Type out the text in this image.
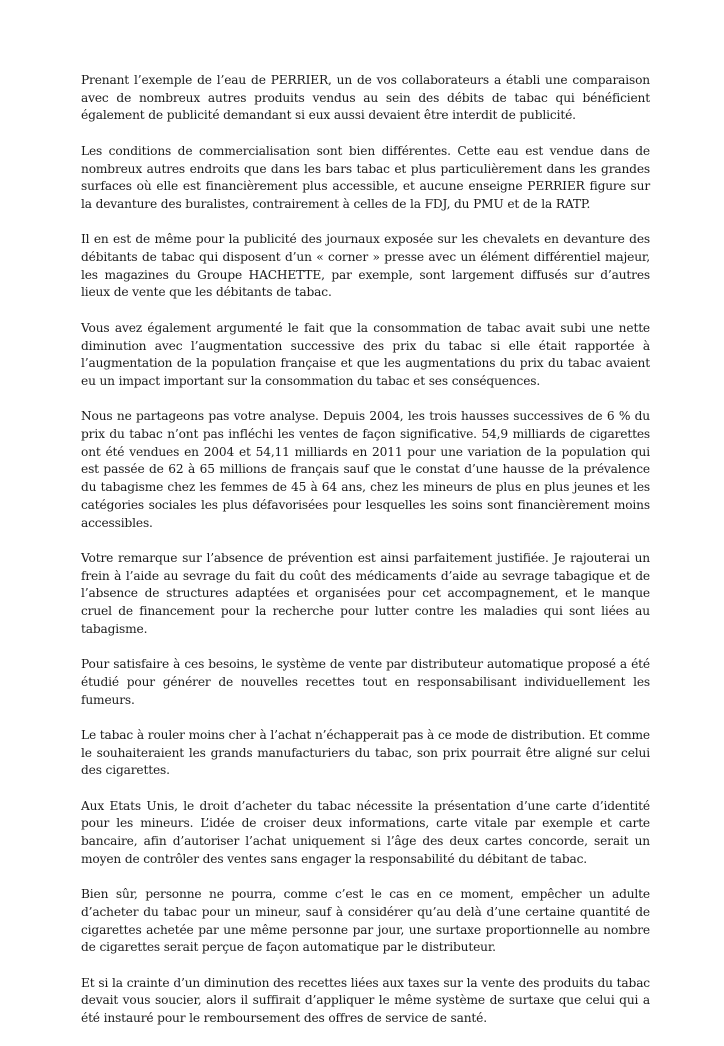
Prenant l’exemple de l’eau de PERRIER, un de vos collaborateurs a établi une comparaison avec de nombreux autres produits vendus au sein des débits de tabac qui bénéficient également de publicité demandant si eux aussi devaient être interdit de publicité.

Les conditions de commercialisation sont bien différentes. Cette eau est vendue dans de nombreux autres endroits que dans les bars tabac et plus particulièrement dans les grandes surfaces où elle est financièrement plus accessible, et aucune enseigne PERRIER figure sur la devanture des buralistes, contrairement à celles de la FDJ, du PMU et de la RATP.

Il en est de même pour la publicité des journaux exposée sur les chevalets en devanture des débitants de tabac qui disposent d’un « corner » presse avec un élément différentiel majeur, les magazines du Groupe HACHETTE, par exemple, sont largement diffusés sur d’autres lieux de vente que les débitants de tabac.

Vous avez également argumenté le fait que la consommation de tabac avait subi une nette diminution avec l’augmentation successive des prix du tabac si elle était rapportée à l’augmentation de la population française et que les augmentations du prix du tabac avaient eu un impact important sur la consommation du tabac et ses conséquences.

Nous ne partageons pas votre analyse. Depuis 2004, les trois hausses successives de 6 % du prix du tabac n’ont pas infléchi les ventes de façon significative. 54,9 milliards de cigarettes ont été vendues en 2004 et 54,11 milliards en 2011 pour une variation de la population qui est passée de 62 à 65 millions de français sauf que le constat d’une hausse de la prévalence du tabagisme chez les femmes de 45 à 64 ans, chez les mineurs de plus en plus jeunes et les catégories sociales les plus défavorisées pour lesquelles les soins sont financièrement moins accessibles.

Votre remarque sur l’absence de prévention est ainsi parfaitement justifiée. Je rajouterai un frein à l’aide au sevrage du fait du coût des médicaments d’aide au sevrage tabagique et de l’absence de structures adaptées et organisées pour cet accompagnement, et le manque cruel de financement pour la recherche pour lutter contre les maladies qui sont liées au tabagisme.

Pour satisfaire à ces besoins, le système de vente par distributeur automatique proposé a été étudié pour générer de nouvelles recettes tout en responsabilisant individuellement les fumeurs.

Le tabac à rouler moins cher à l’achat n’échapperait pas à ce mode de distribution. Et comme le souhaiteraient les grands manufacturiers du tabac, son prix pourrait être aligné sur celui des cigarettes.

Aux Etats Unis, le droit d’acheter du tabac nécessite la présentation d’une carte d’identité pour les mineurs. L’idée de croiser deux informations, carte vitale par exemple et carte bancaire, afin d’autoriser l’achat uniquement si l’âge des deux cartes concorde, serait un moyen de contrôler des ventes sans engager la responsabilité du débitant de tabac.

Bien sûr, personne ne pourra, comme c’est le cas en ce moment, empêcher un adulte d’acheter du tabac pour un mineur, sauf à considérer qu’au delà d’une certaine quantité de cigarettes achetée par une même personne par jour, une surtaxe proportionnelle au nombre de cigarettes serait perçue de façon automatique par le distributeur.

Et si la crainte d’un diminution des recettes liées aux taxes sur la vente des produits du tabac devait vous soucier, alors il suffirait d’appliquer le même système de surtaxe que celui qui a été instauré pour le remboursement des offres de service de santé.
